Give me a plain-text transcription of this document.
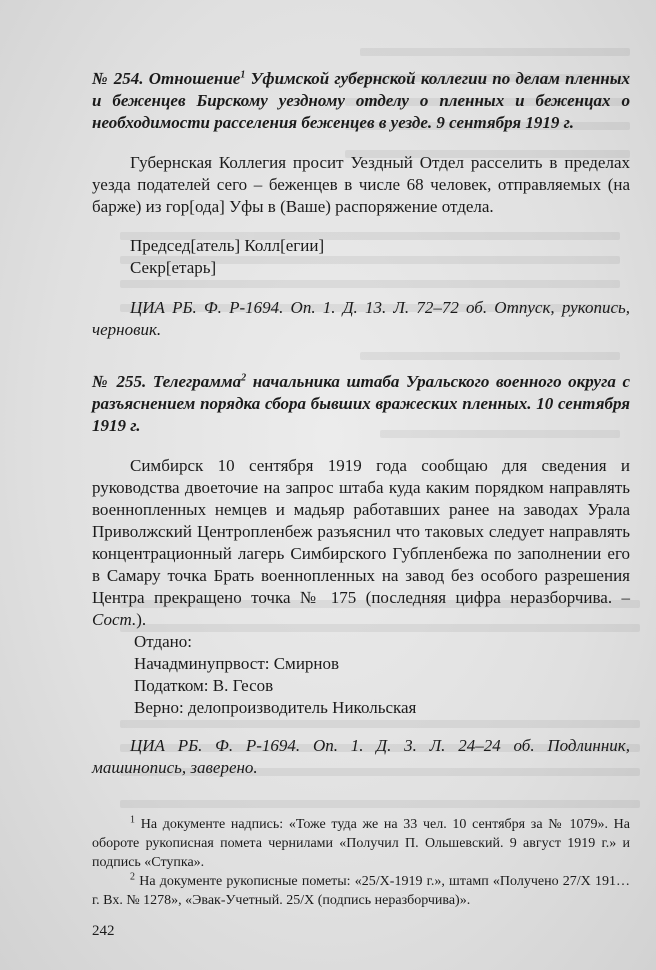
№ 254. Отношение$^1$ Уфимской губернской коллегии по делам пленных и беженцев Бирскому уездному отделу о пленных и беженцах о необходимости расселения беженцев в уезде. 9 сентября 1919 г.

Губернская Коллегия просит Уездный Отдел расселить в пределах уезда подателей сего – беженцев в числе 68 человек, отправляемых (на барже) из гор[ода] Уфы в (Ваше) распоряжение отдела.

Председ[атель] Колл[егии]

Секр[етарь]

ЦИА РБ. Ф. Р-1694. Оп. 1. Д. 13. Л. 72–72 об. Отпуск, рукопись, черновик.

№ 255. Телеграмма$^2$ начальника штаба Уральского военного округа с разъяснением порядка сбора бывших вражеских пленных. 10 сентября 1919 г.

Симбирск 10 сентября 1919 года сообщаю для сведения и руководства двоеточие на запрос штаба куда каким порядком направлять военнопленных немцев и мадьяр работавших ранее на заводах Урала Приволжский Центропленбеж разъяснил что таковых следует направлять концентрационный лагерь Симбирского Губпленбежа по заполнении его в Самару точка Брать военнопленных на завод без особого разрешения Центра прекращено точка № 175 (последняя цифра неразборчива. – Сост.).

Отдано:

Начадминупрвост: Смирнов

Податком: В. Гесов

Верно: делопроизводитель Никольская

ЦИА РБ. Ф. Р-1694. Оп. 1. Д. 3. Л. 24–24 об. Подлинник, машинопись, заверено.

$^1$ На документе надпись: «Тоже туда же на 33 чел. 10 сентября за № 1079». На обороте рукописная помета чернилами «Получил П. Ольшевский. 9 август 1919 г.» и подпись «Ступка».

$^2$ На документе рукописные пометы: «25/X-1919 г.», штамп «Получено 27/X 191… г. Вх. № 1278», «Эвак-Учетный. 25/X (подпись неразборчива)».

242
